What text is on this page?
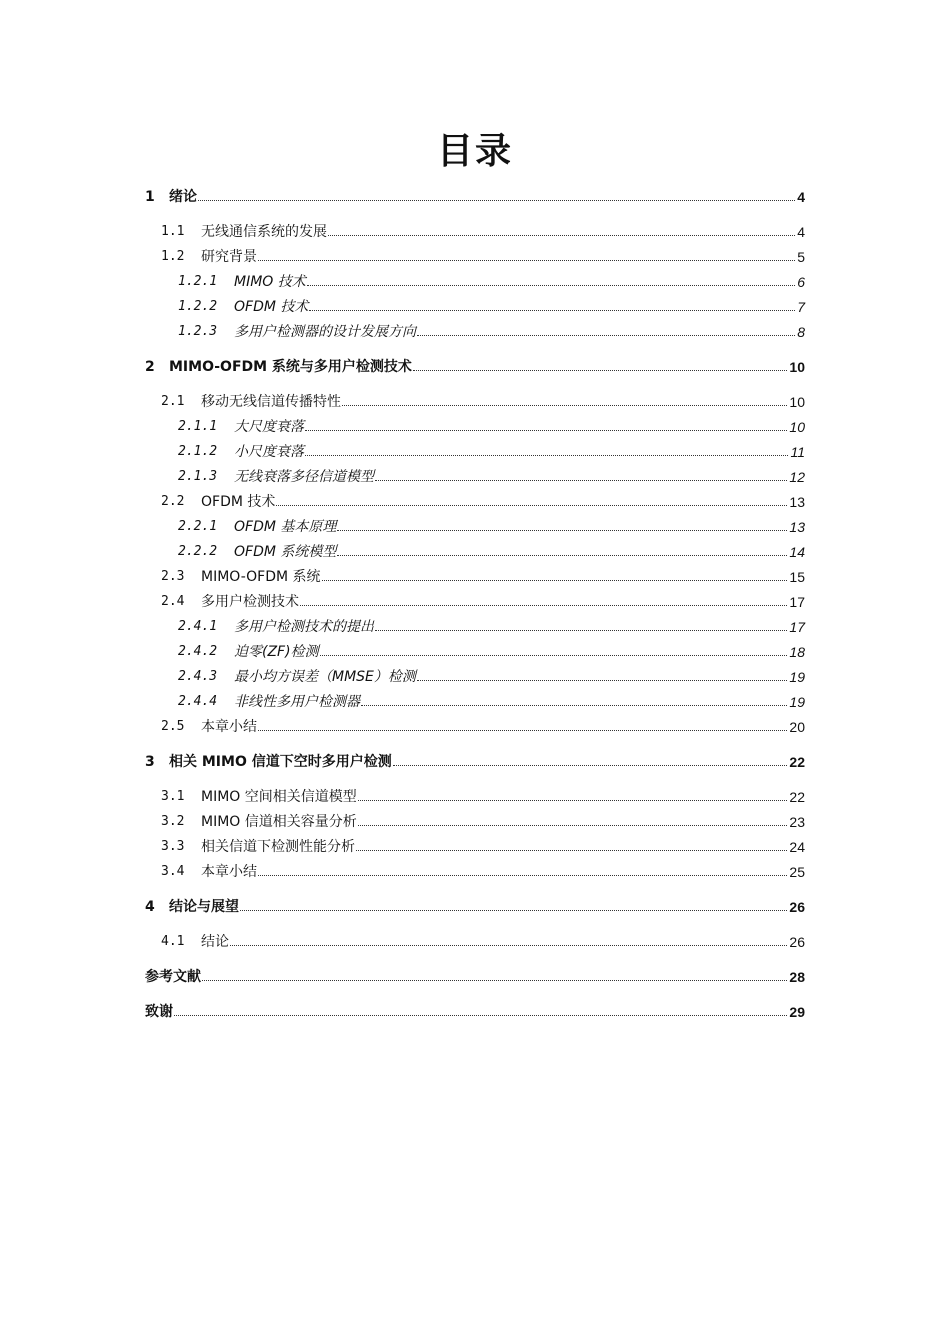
目录
1	绪论	4
1.1	无线通信系统的发展	4
1.2	研究背景	5
1.2.1	MIMO 技术	6
1.2.2	OFDM 技术	7
1.2.3	多用户检测器的设计发展方向	8
2	MIMO-OFDM 系统与多用户检测技术	10
2.1	移动无线信道传播特性	10
2.1.1	大尺度衰落	10
2.1.2	小尺度衰落	11
2.1.3	无线衰落多径信道模型	12
2.2	OFDM 技术	13
2.2.1	OFDM 基本原理	13
2.2.2	OFDM 系统模型	14
2.3	MIMO-OFDM 系统	15
2.4	多用户检测技术	17
2.4.1	多用户检测技术的提出	17
2.4.2	迫零(ZF)检测	18
2.4.3	最小均方误差（MMSE）检测	19
2.4.4	非线性多用户检测器	19
2.5	本章小结	20
3	相关 MIMO 信道下空时多用户检测	22
3.1	MIMO 空间相关信道模型	22
3.2	MIMO 信道相关容量分析	23
3.3	相关信道下检测性能分析	24
3.4	本章小结	25
4	结论与展望	26
4.1	结论	26
参考文献	28
致谢	29
